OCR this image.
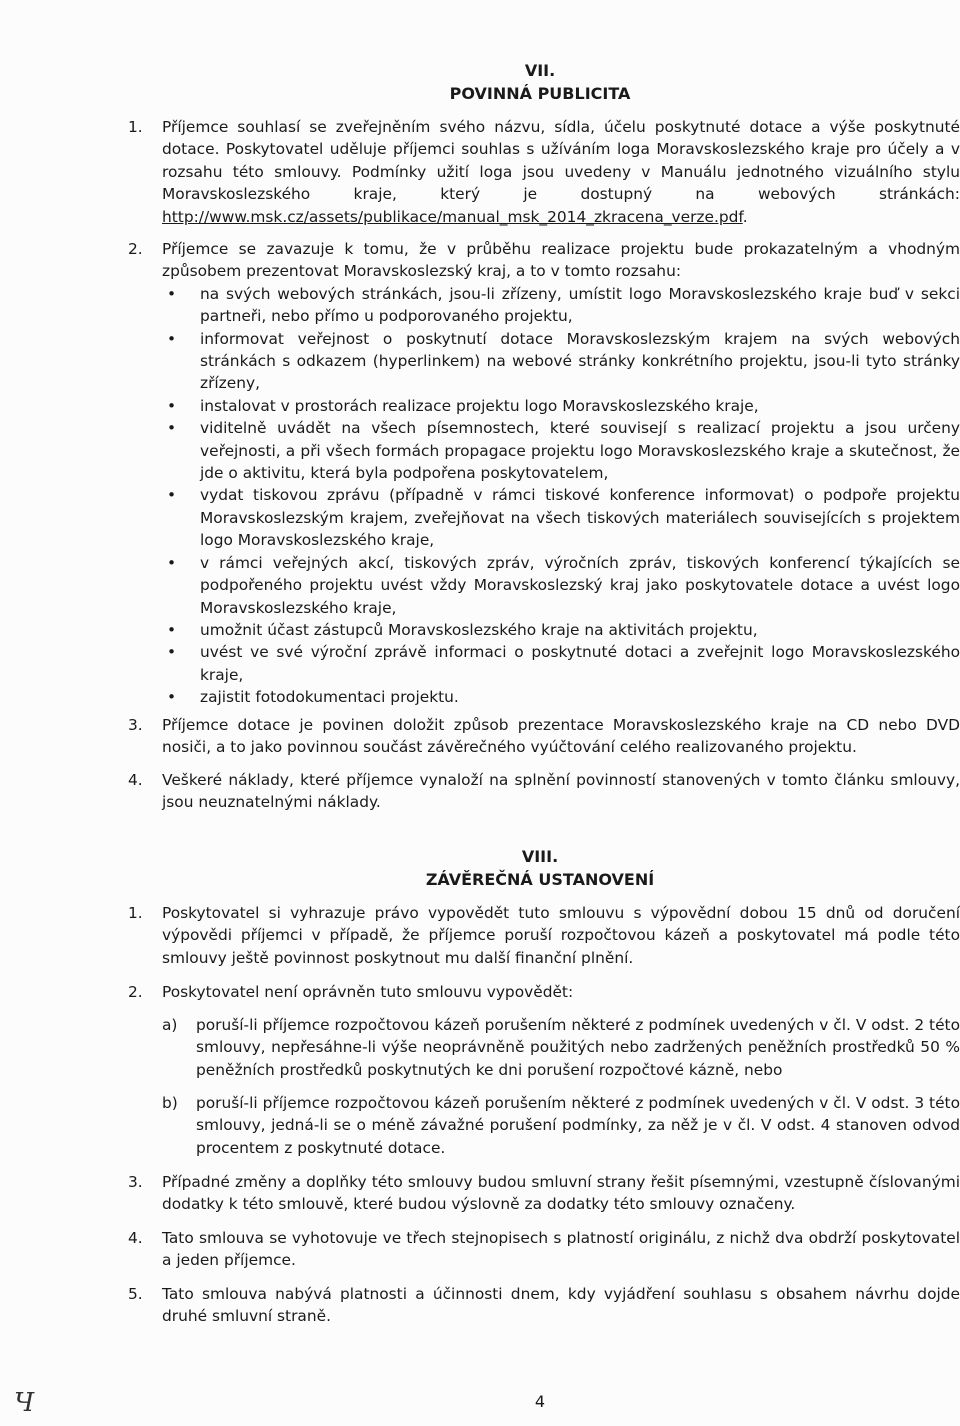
VII.
POVINNÁ PUBLICITA
1.	Příjemce souhlasí se zveřejněním svého názvu, sídla, účelu poskytnuté dotace a výše poskytnuté dotace. Poskytovatel uděluje příjemci souhlas s užíváním loga Moravskoslezského kraje pro účely a v rozsahu této smlouvy. Podmínky užití loga jsou uvedeny v Manuálu jednotného vizuálního stylu Moravskoslezského kraje, který je dostupný na webových stránkách: http://www.msk.cz/assets/publikace/manual_msk_2014_zkracena_verze.pdf.
2.	Příjemce se zavazuje k tomu, že v průběhu realizace projektu bude prokazatelným a vhodným způsobem prezentovat Moravskoslezský kraj, a to v tomto rozsahu:
• na svých webových stránkách, jsou-li zřízeny, umístit logo Moravskoslezského kraje buď v sekci partneři, nebo přímo u podporovaného projektu,
• informovat veřejnost o poskytnutí dotace Moravskoslezským krajem na svých webových stránkách s odkazem (hyperlinkem) na webové stránky konkrétního projektu, jsou-li tyto stránky zřízeny,
• instalovat v prostorách realizace projektu logo Moravskoslezského kraje,
• viditelně uvádět na všech písemnostech, které souvisejí s realizací projektu a jsou určeny veřejnosti, a při všech formách propagace projektu logo Moravskoslezského kraje a skutečnost, že jde o aktivitu, která byla podpořena poskytovatelem,
• vydat tiskovou zprávu (případně v rámci tiskové konference informovat) o podpoře projektu Moravskoslezským krajem, zveřejňovat na všech tiskových materiálech souvisejících s projektem logo Moravskoslezského kraje,
• v rámci veřejných akcí, tiskových zpráv, výročních zpráv, tiskových konferencí týkajících se podpořeného projektu uvést vždy Moravskoslezský kraj jako poskytovatele dotace a uvést logo Moravskoslezského kraje,
• umožnit účast zástupců Moravskoslezského kraje na aktivitách projektu,
• uvést ve své výroční zprávě informaci o poskytnuté dotaci a zveřejnit logo Moravskoslezského kraje,
• zajistit fotodokumentaci projektu.
3.	Příjemce dotace je povinen doložit způsob prezentace Moravskoslezského kraje na CD nebo DVD nosiči, a to jako povinnou součást závěrečného vyúčtování celého realizovaného projektu.
4.	Veškeré náklady, které příjemce vynaloží na splnění povinností stanovených v tomto článku smlouvy, jsou neuznatelnými náklady.
VIII.
ZÁVĚREČNÁ USTANOVENÍ
1.	Poskytovatel si vyhrazuje právo vypovědět tuto smlouvu s výpovědní dobou 15 dnů od doručení výpovědi příjemci v případě, že příjemce poruší rozpočtovou kázeň a poskytovatel má podle této smlouvy ještě povinnost poskytnout mu další finanční plnění.
2.	Poskytovatel není oprávněn tuto smlouvu vypovědět:
a) poruší-li příjemce rozpočtovou kázeň porušením některé z podmínek uvedených v čl. V odst. 2 této smlouvy, nepřesáhne-li výše neoprávněně použitých nebo zadržených peněžních prostředků 50 % peněžních prostředků poskytnutých ke dni porušení rozpočtové kázně, nebo
b) poruší-li příjemce rozpočtovou kázeň porušením některé z podmínek uvedených v čl. V odst. 3 této smlouvy, jedná-li se o méně závažné porušení podmínky, za něž je v čl. V odst. 4 stanoven odvod procentem z poskytnuté dotace.
3.	Případné změny a doplňky této smlouvy budou smluvní strany řešit písemnými, vzestupně číslovanými dodatky k této smlouvě, které budou výslovně za dodatky této smlouvy označeny.
4.	Tato smlouva se vyhotovuje ve třech stejnopisech s platností originálu, z nichž dva obdrží poskytovatel a jeden příjemce.
5.	Tato smlouva nabývá platnosti a účinnosti dnem, kdy vyjádření souhlasu s obsahem návrhu dojde druhé smluvní straně.
4
Ч
